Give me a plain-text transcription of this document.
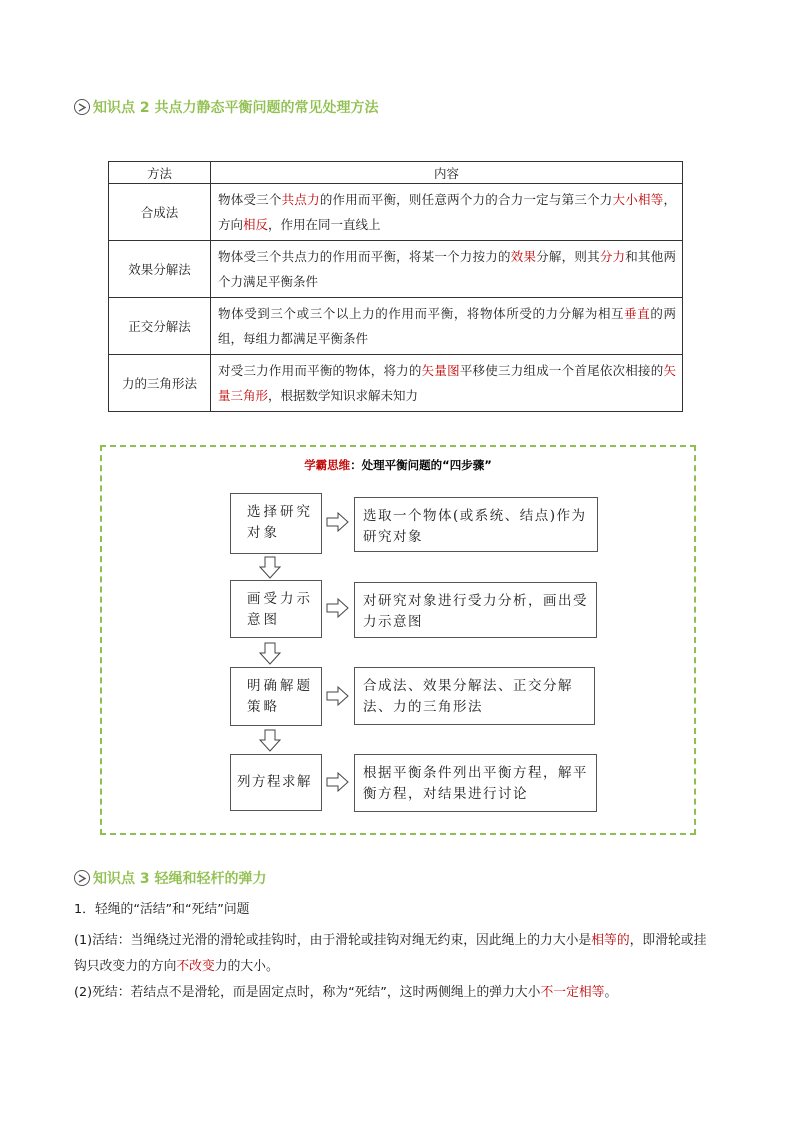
知识点 2 共点力静态平衡问题的常见处理方法
方法	内容
合成法	物体受三个共点力的作用而平衡，则任意两个力的合力一定与第三个力大小相等，方向相反，作用在同一直线上
效果分解法	物体受三个共点力的作用而平衡，将某一个力按力的效果分解，则其分力和其他两个力满足平衡条件
正交分解法	物体受到三个或三个以上力的作用而平衡，将物体所受的力分解为相互垂直的两组，每组力都满足平衡条件
力的三角形法	对受三力作用而平衡的物体，将力的矢量图平移使三力组成一个首尾依次相接的矢量三角形，根据数学知识求解未知力
学霸思维：处理平衡问题的“四步骤”
选择研究对象
选取一个物体(或系统、结点)作为研究对象
画受力示意图
对研究对象进行受力分析，画出受力示意图
明确解题策略
合成法、效果分解法、正交分解法、力的三角形法
列方程求解
根据平衡条件列出平衡方程，解平衡方程，对结果进行讨论
知识点 3 轻绳和轻杆的弹力
1．轻绳的“活结”和“死结”问题
(1)活结：当绳绕过光滑的滑轮或挂钩时，由于滑轮或挂钩对绳无约束，因此绳上的力大小是相等的，即滑轮或挂钩只改变力的方向不改变力的大小。
(2)死结：若结点不是滑轮，而是固定点时，称为“死结”，这时两侧绳上的弹力大小不一定相等。
